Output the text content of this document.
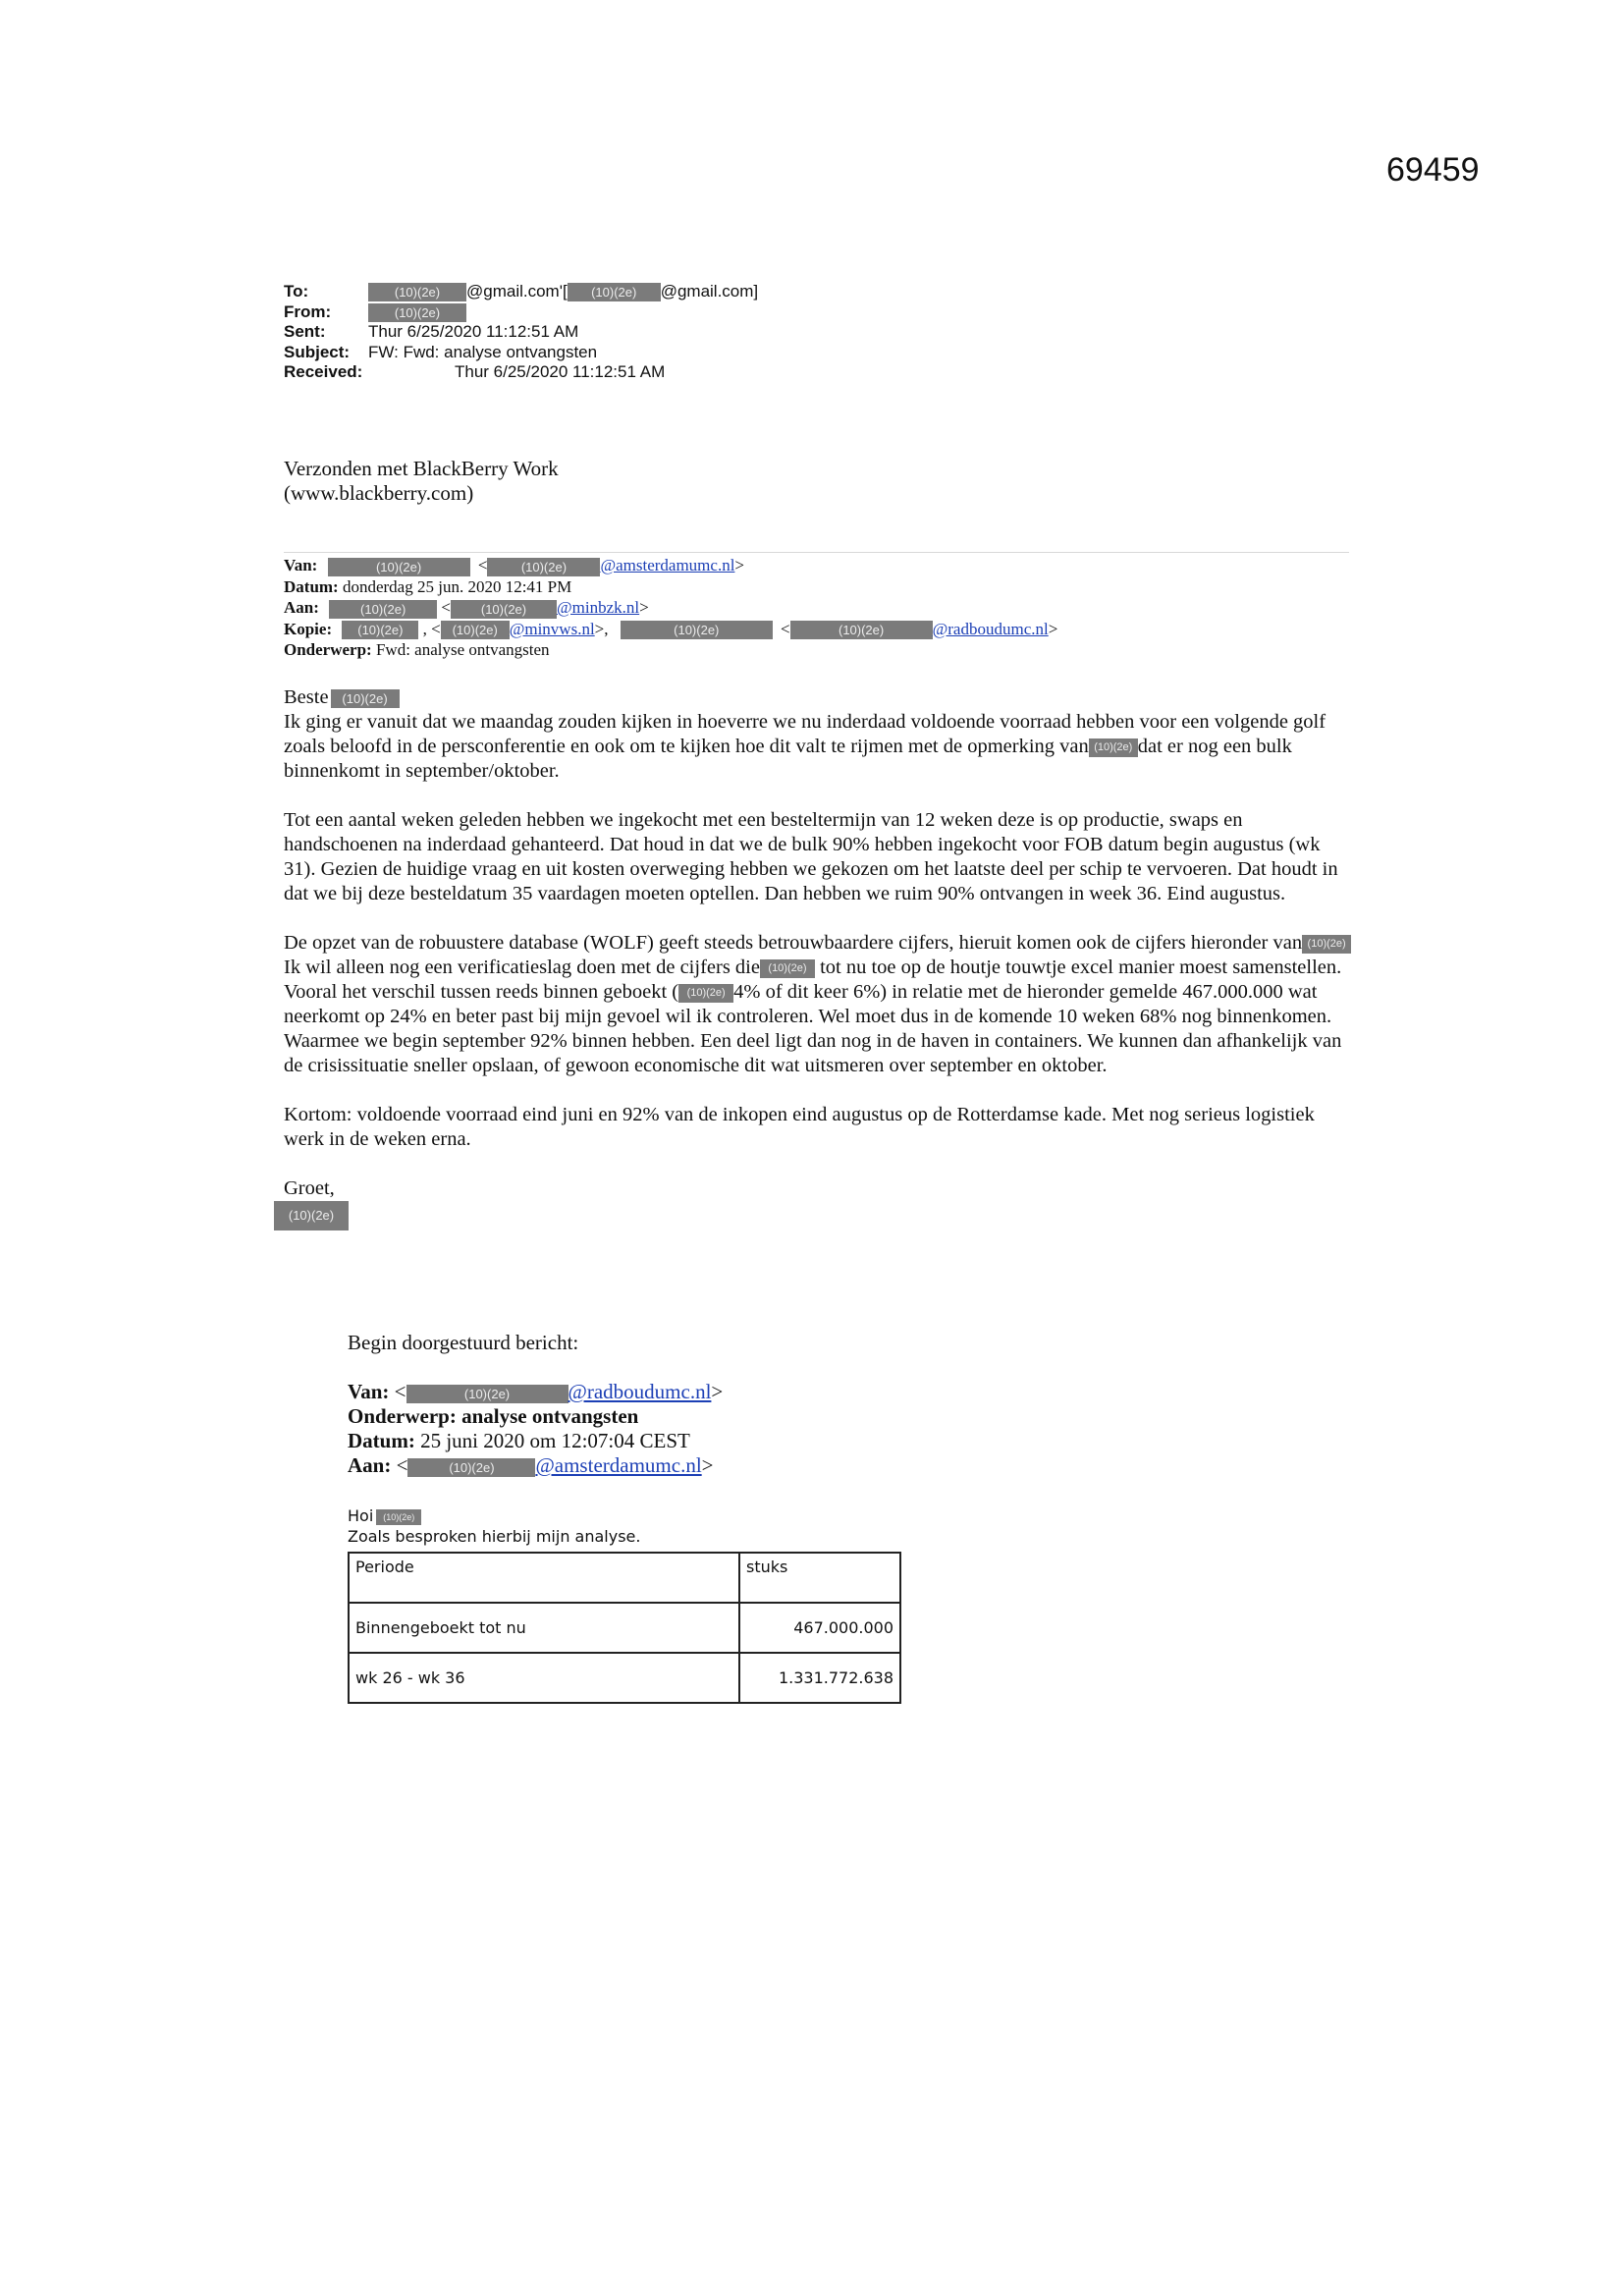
69459
To:	(10)(2e) @gmail.com'[ (10)(2e) @gmail.com]
From:	(10)(2e)
Sent:	Thur 6/25/2020 11:12:51 AM
Subject: FW: Fwd: analyse ontvangsten
Received:	Thur 6/25/2020 11:12:51 AM
Verzonden met BlackBerry Work
(www.blackberry.com)
Van:	(10)(2e)	<	(10)(2e) @amsterdamumc.nl>
Datum: donderdag 25 jun. 2020 12:41 PM
Aan:	(10)(2e) < (10)(2e) @minbzk.nl>
Kopie: (10)(2e) , < (10)(2e) @minvws.nl>,	(10)(2e)	<	(10)(2e)	@radboudumc.nl>
Onderwerp: Fwd: analyse ontvangsten
Beste (10)(2e)

Ik ging er vanuit dat we maandag zouden kijken in hoeverre we nu inderdaad voldoende voorraad hebben voor een volgende golf zoals beloofd in de persconferentie en ook om te kijken hoe dit valt te rijmen met de opmerking van (10)(2e) dat er nog een bulk binnenkomt in september/oktober.

Tot een aantal weken geleden hebben we ingekocht met een besteltermijn van 12 weken deze is op productie, swaps en handschoenen na inderdaad gehanteerd. Dat houd in dat we de bulk 90% hebben ingekocht voor FOB datum begin augustus (wk 31). Gezien de huidige vraag en uit kosten overweging hebben we gekozen om het laatste deel per schip te vervoeren. Dat houdt in dat we bij deze besteldatum 35 vaardagen moeten optellen. Dan hebben we ruim 90% ontvangen in week 36. Eind augustus.

De opzet van de robuustere database (WOLF) geeft steeds betrouwbaardere cijfers, hieruit komen ook de cijfers hieronder van (10)(2e) Ik wil alleen nog een verificatieslag doen met de cijfers die (10)(2e) tot nu toe op de houtje touwtje excel manier moest samenstellen. Vooral het verschil tussen reeds binnen geboekt ( (10)(2e) 4% of dit keer 6%) in relatie met de hieronder gemelde 467.000.000 wat neerkomt op 24% en beter past bij mijn gevoel wil ik controleren. Wel moet dus in de komende 10 weken 68% nog binnenkomen. Waarmee we begin september 92% binnen hebben. Een deel ligt dan nog in de haven in containers. We kunnen dan afhankelijk van de crisissituatie sneller opslaan, of gewoon economische dit wat uitsmeren over september en oktober.

Kortom: voldoende voorraad eind juni en 92% van de inkopen eind augustus op de Rotterdamse kade. Met nog serieus logistiek werk in de weken erna.

Groet,
(10)(2e)
Begin doorgestuurd bericht:
Van: <	(10)(2e)	@radboudumc.nl>
Onderwerp: analyse ontvangsten
Datum: 25 juni 2020 om 12:07:04 CEST
Aan: <	(10)(2e) @amsterdamumc.nl>
Hoi (10)(2e)
Zoals besproken hierbij mijn analyse.
Periode	stuks
Binnengeboekt tot nu	467.000.000
wk 26 - wk 36	1.331.772.638
